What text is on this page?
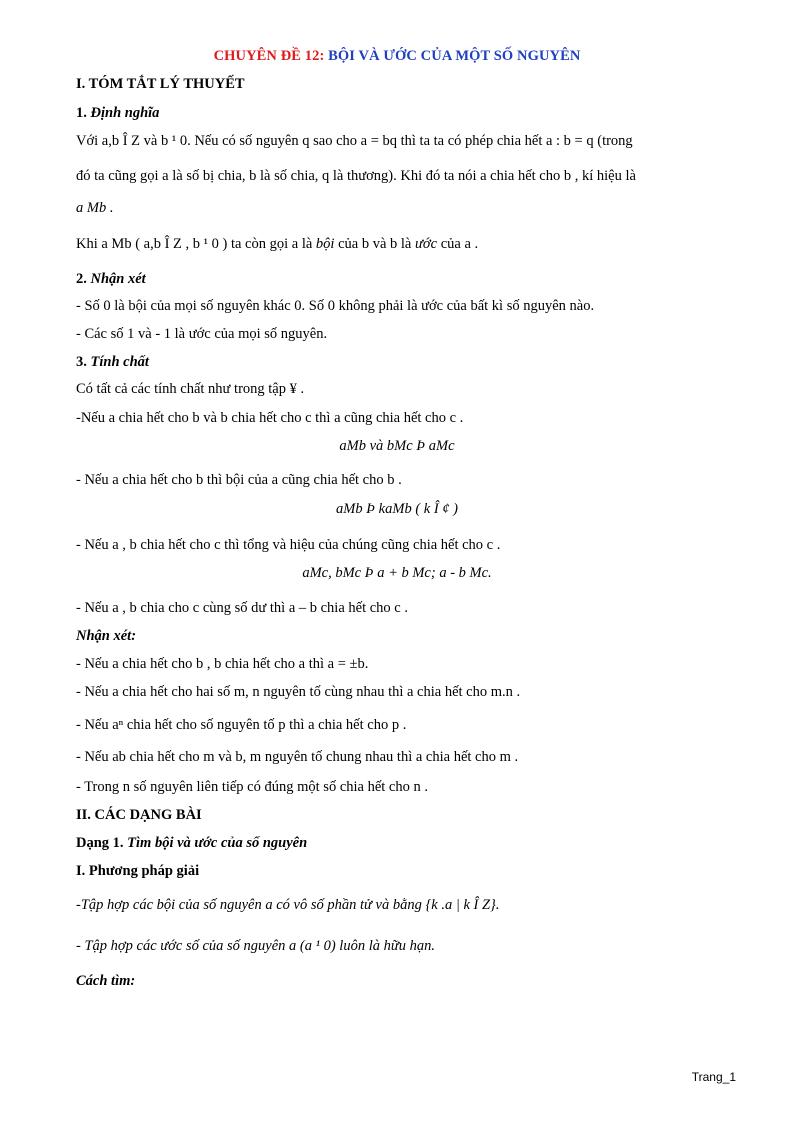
CHUYÊN ĐỀ 12: BỘI VÀ ƯỚC CỦA MỘT SỐ NGUYÊN
I. TÓM TẮT LÝ THUYẾT
1. Định nghĩa
Với a,b Î Z và b ¹ 0. Nếu có số nguyên q sao cho a = bq thì ta ta có phép chia hết a : b = q (trong
đó ta cũng gọi a là số bị chia, b là số chia, q là thương). Khi đó ta nói a chia hết cho b , kí hiệu là
a Mb .
Khi a Mb ( a,b Î Z , b ¹ 0 ) ta còn gọi a là bội của b và b là ước của a .
2. Nhận xét
- Số 0 là bội của mọi số nguyên khác 0. Số 0 không phải là ước của bất kì số nguyên nào.
- Các số 1 và - 1 là ước của mọi số nguyên.
3. Tính chất
Có tất cả các tính chất như trong tập ¥ .
-Nếu a chia hết cho b và b chia hết cho c thì a cũng chia hết cho c .
aMb và bMc Þ aMc
- Nếu a chia hết cho b thì bội của a cũng chia hết cho b .
aMb Þ kaMb ( k Î ¢ )
- Nếu a , b chia hết cho c thì tổng và hiệu của chúng cũng chia hết cho c .
aMc, bMc Þ a + b Mc; a - b Mc.
- Nếu a , b chia cho c cùng số dư thì a – b chia hết cho c .
Nhận xét:
- Nếu a chia hết cho b , b chia hết cho a thì a = ±b.
- Nếu a chia hết cho hai số m, n nguyên tố cùng nhau thì a chia hết cho m.n .
- Nếu aⁿ chia hết cho số nguyên tố p thì a chia hết cho p .
- Nếu ab chia hết cho m và b, m nguyên tố chung nhau thì a chia hết cho m .
- Trong n số nguyên liên tiếp có đúng một số chia hết cho n .
II. CÁC DẠNG BÀI
Dạng 1. Tìm bội và ước của số nguyên
I. Phương pháp giải
-Tập hợp các bội của số nguyên a có vô số phần tử và bằng {k .a | k Î Z}.
- Tập hợp các ước số của số nguyên a (a ¹ 0) luôn là hữu hạn.
Cách tìm:
Trang_1
